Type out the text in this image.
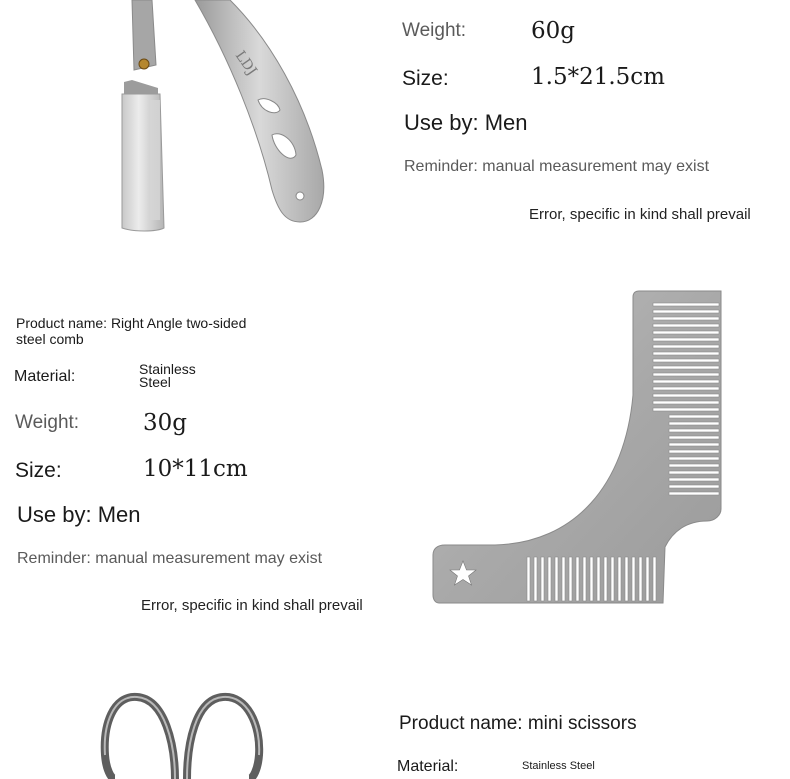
LDJ
Weight:	60g
Size:	1.5*21.5cm
Use by: Men
Reminder: manual measurement may exist
Error, specific in kind shall prevail
Product name: Right Angle two-sided
steel comb
Material:	Stainless
Steel
Weight:	30g
Size:	10*11cm
Use by: Men
Reminder: manual measurement may exist
Error, specific in kind shall prevail
Product name: mini scissors
Material:	Stainless Steel
